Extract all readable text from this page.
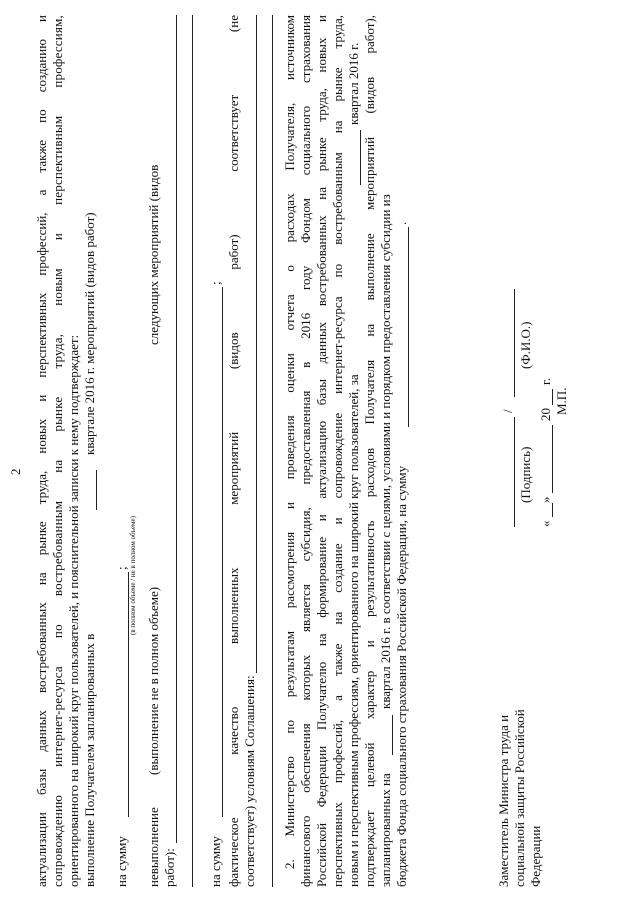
2 актуализации базы данных востребованных на рынке труда, новых и перспективных профессий, а также по созданию и сопровождению интернет-ресурса по востребованным на рынке труда, новым и перспективным профессиям, ориентированного на широкий круг пользователей, и пояснительной записки к нему подтверждает: выполнение Получателем запланированных в
квартале 2016 г. мероприятий (видов работ)
на сумму
; (в полном объеме / не в полном объеме)
невыполнение
(выполнение не в полном объеме)
следующих мероприятий (видов
работ): на сумму
; фактическое качество выполненных мероприятий (видов работ) соответствует (не соответствует) условиям Соглашения: 2. Министерство по результатам рассмотрения и проведения оценки отчета о расходах Получателя, источником финансового обеспечения которых является субсидия, предоставленная в 2016 году Фондом социального страхования Российской Федерации Получателю на формирование и актуализацию базы данных востребованных на рынке труда, новых и перспективных профессий, а также на создание и сопровождение интернет-ресурса по востребованным на рынке труда, новым и перспективным профессиям, ориентированного на широкий круг пользователей, за
квартал 2016 г. подтверждает целевой характер и результативность расходов Получателя на выполнение мероприятий (видов работ), запланированных на
квартал 2016 г. в соответствии с целями, условиями и порядком предоставления субсидии из бюджета Фонда социального страхования Российской Федерации, на сумму
.
Заместитель Министра труда и социальной защиты Российской Федерации
/
(Подпись)
(Ф.И.О.)
«
»
20
г.
М.П.
